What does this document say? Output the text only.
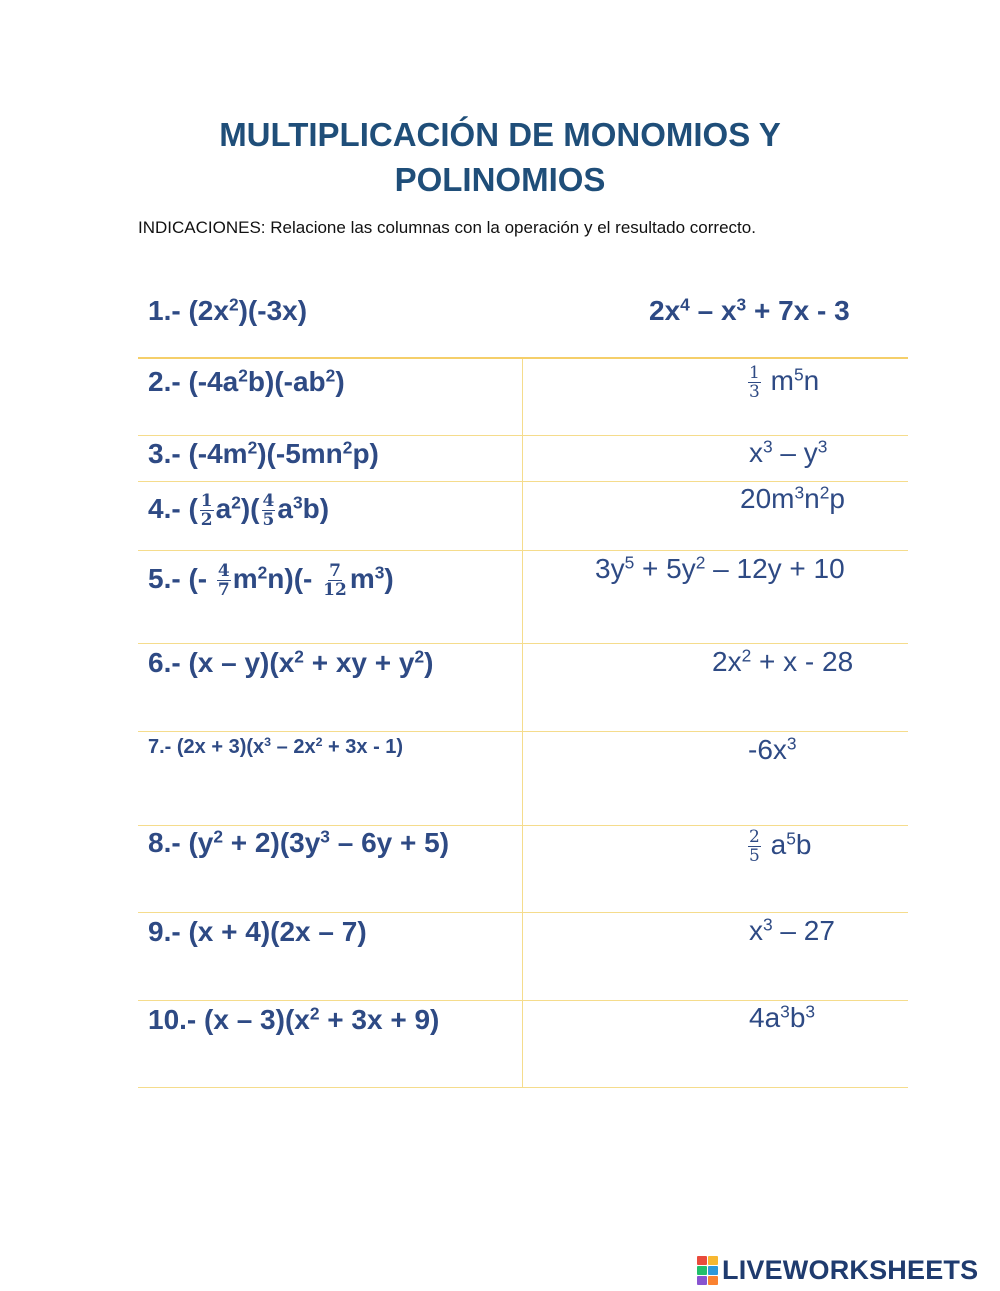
MULTIPLICACIÓN DE MONOMIOS Y
POLINOMIOS
INDICACIONES: Relacione las columnas con la operación y el resultado correcto.
1.- $(2x^2)(-3x)$	$2x^4 - x^3 + 7x - 3$
2.- $(-4a^2b)(-ab^2)$	$\frac{1}{3} m^5n$
3.- $(-4m^2)(-5mn^2p)$	$x^3 - y^3$
4.- ( $\frac{1}{2} a^2)( \frac{4}{5} a^3b)$	$20m^3n^2p$
5.- (- $\frac{4}{7} m^2n)(- \frac{7}{12} m^3)$	$3y^5 + 5y^2 - 12y + 10$
6.- $(x - y)(x^2$ + xy + $y^2$)	$2x^2 + x - 28$
7.- $(2x + 3)(x^3 - 2x^2 + 3x - 1)$	$-6x^3$
8.- $(y^2 + 2)(3y^3 - 6y + 5)$	$\frac{2}{5} a^5b$
9.- (x + 4)(2x – 7)	$x^3 - 27$
10.- $(x - 3)(x^2 + 3x + 9)$	$4a^3b^3$
LIVEWORKSHEETS
